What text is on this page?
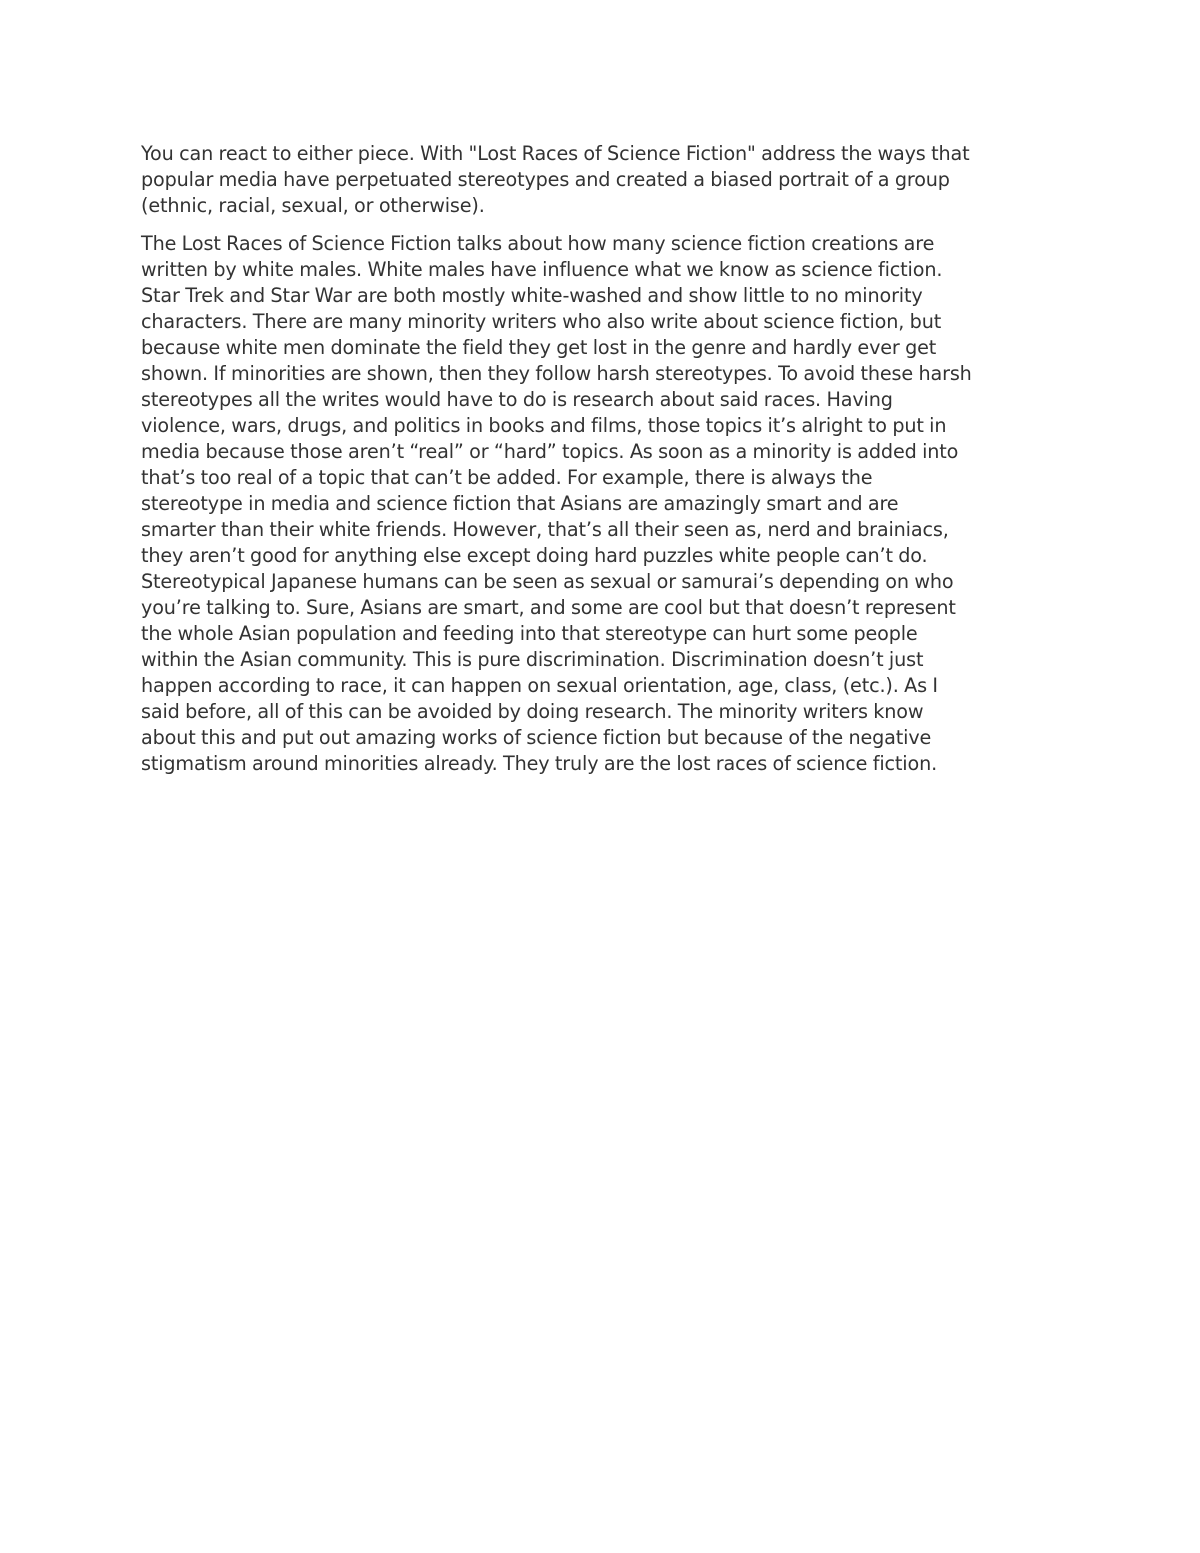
You can react to either piece. With "Lost Races of Science Fiction" address the ways that
popular media have perpetuated stereotypes and created a biased portrait of a group
(ethnic, racial, sexual, or otherwise).

The Lost Races of Science Fiction talks about how many science fiction creations are
written by white males. White males have influence what we know as science fiction.
Star Trek and Star War are both mostly white-washed and show little to no minority
characters. There are many minority writers who also write about science fiction, but
because white men dominate the field they get lost in the genre and hardly ever get
shown. If minorities are shown, then they follow harsh stereotypes. To avoid these harsh
stereotypes all the writes would have to do is research about said races. Having
violence, wars, drugs, and politics in books and films, those topics it’s alright to put in
media because those aren’t “real” or “hard” topics. As soon as a minority is added into
that’s too real of a topic that can’t be added. For example, there is always the
stereotype in media and science fiction that Asians are amazingly smart and are
smarter than their white friends. However, that’s all their seen as, nerd and brainiacs,
they aren’t good for anything else except doing hard puzzles white people can’t do.
Stereotypical Japanese humans can be seen as sexual or samurai’s depending on who
you’re talking to. Sure, Asians are smart, and some are cool but that doesn’t represent
the whole Asian population and feeding into that stereotype can hurt some people
within the Asian community. This is pure discrimination. Discrimination doesn’t just
happen according to race, it can happen on sexual orientation, age, class, (etc.). As I
said before, all of this can be avoided by doing research. The minority writers know
about this and put out amazing works of science fiction but because of the negative
stigmatism around minorities already. They truly are the lost races of science fiction.
